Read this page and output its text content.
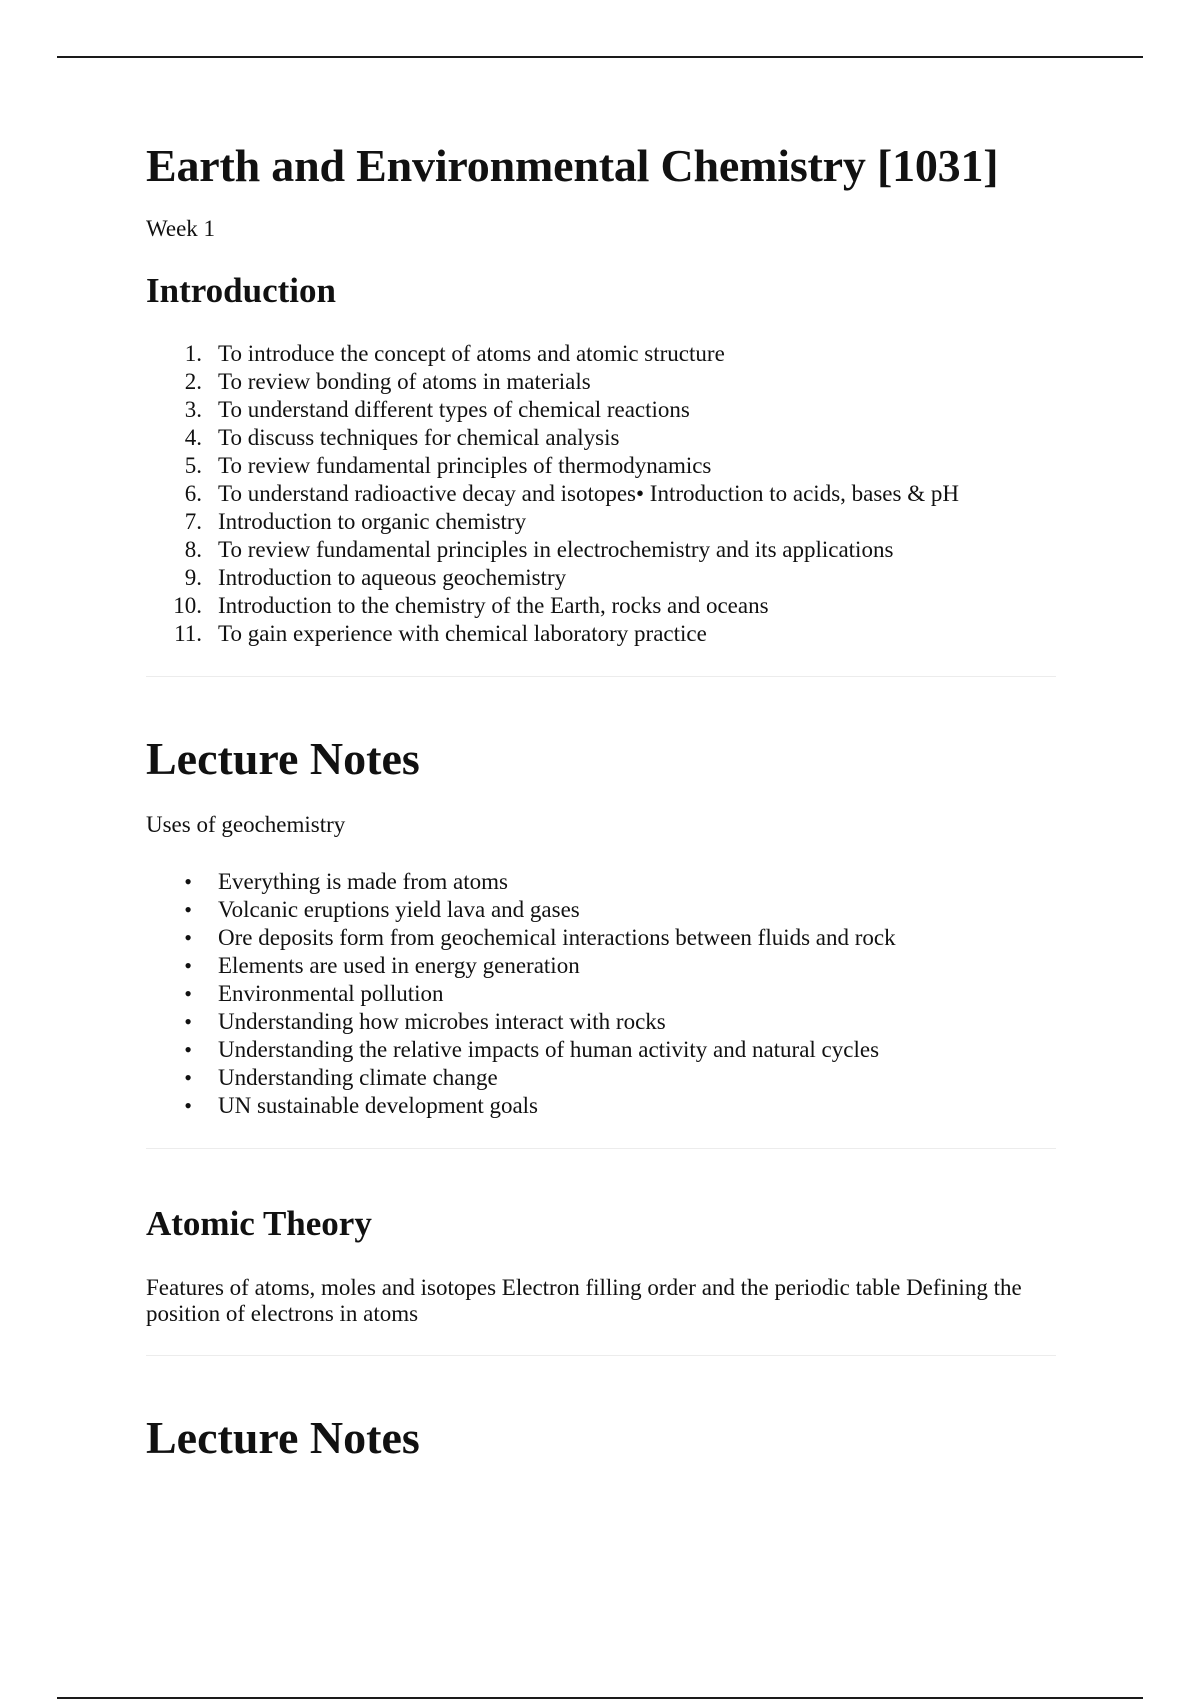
Earth and Environmental Chemistry [1031]

Week 1

Introduction
1. To introduce the concept of atoms and atomic structure
2. To review bonding of atoms in materials
3. To understand different types of chemical reactions
4. To discuss techniques for chemical analysis
5. To review fundamental principles of thermodynamics
6. To understand radioactive decay and isotopes• Introduction to acids, bases & pH
7. Introduction to organic chemistry
8. To review fundamental principles in electrochemistry and its applications
9. Introduction to aqueous geochemistry
10. Introduction to the chemistry of the Earth, rocks and oceans
11. To gain experience with chemical laboratory practice
Lecture Notes

Uses of geochemistry

• Everything is made from atoms
• Volcanic eruptions yield lava and gases
• Ore deposits form from geochemical interactions between fluids and rock
• Elements are used in energy generation
• Environmental pollution
• Understanding how microbes interact with rocks
• Understanding the relative impacts of human activity and natural cycles
• Understanding climate change
• UN sustainable development goals
Atomic Theory

Features of atoms, moles and isotopes Electron filling order and the periodic table Defining the position of electrons in atoms

Lecture Notes
